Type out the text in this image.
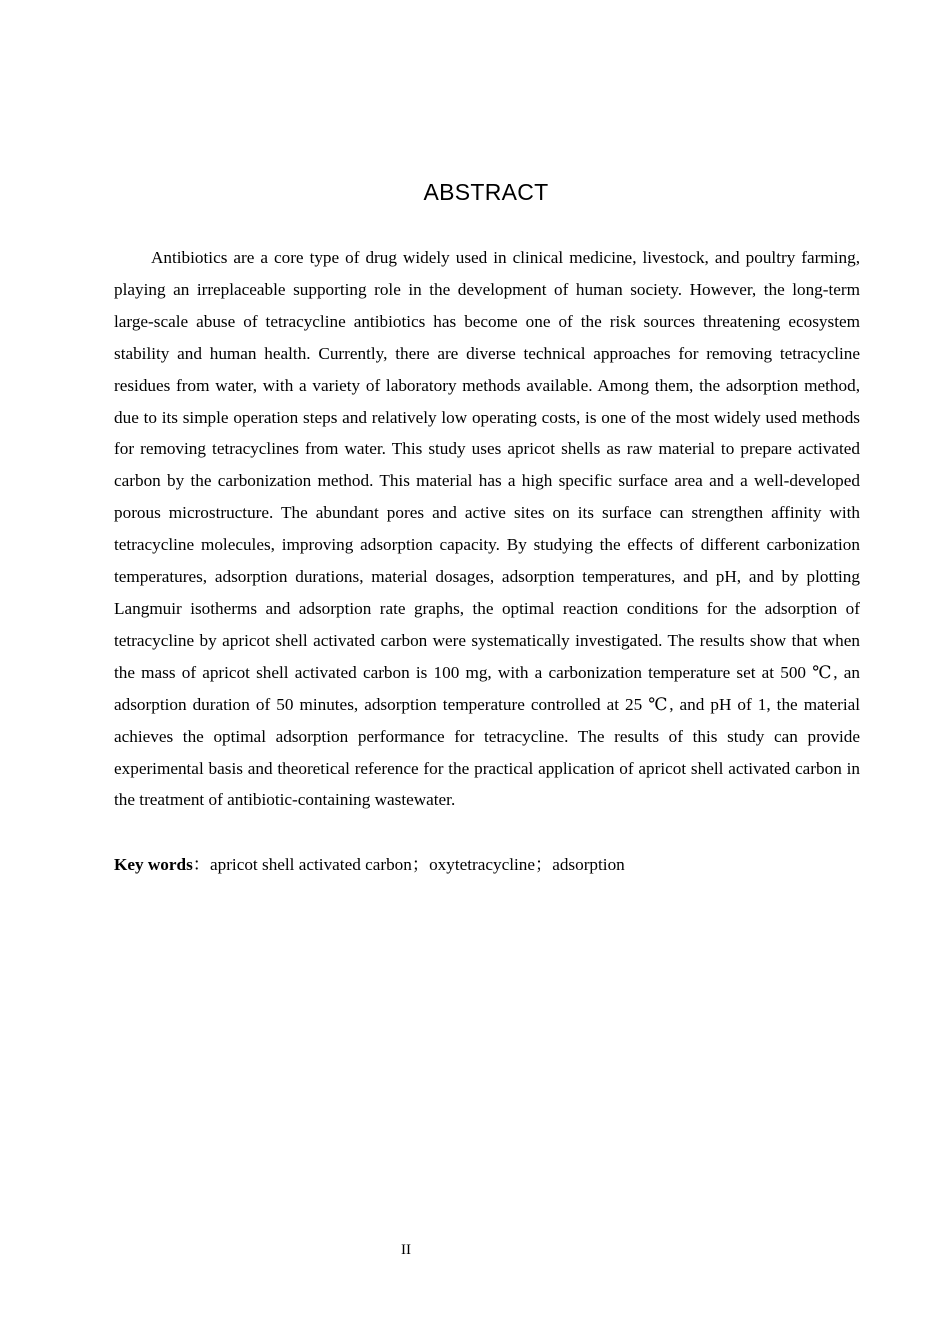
ABSTRACT

Antibiotics are a core type of drug widely used in clinical medicine, livestock, and poultry farming, playing an irreplaceable supporting role in the development of human society. However, the long-term large-scale abuse of tetracycline antibiotics has become one of the risk sources threatening ecosystem stability and human health. Currently, there are diverse technical approaches for removing tetracycline residues from water, with a variety of laboratory methods available. Among them, the adsorption method, due to its simple operation steps and relatively low operating costs, is one of the most widely used methods for removing tetracyclines from water. This study uses apricot shells as raw material to prepare activated carbon by the carbonization method. This material has a high specific surface area and a well-developed porous microstructure. The abundant pores and active sites on its surface can strengthen affinity with tetracycline molecules, improving adsorption capacity. By studying the effects of different carbonization temperatures, adsorption durations, material dosages, adsorption temperatures, and pH, and by plotting Langmuir isotherms and adsorption rate graphs, the optimal reaction conditions for the adsorption of tetracycline by apricot shell activated carbon were systematically investigated. The results show that when the mass of apricot shell activated carbon is 100 mg, with a carbonization temperature set at 500 ℃, an adsorption duration of 50 minutes, adsorption temperature controlled at 25 ℃, and pH of 1, the material achieves the optimal adsorption performance for tetracycline. The results of this study can provide experimental basis and theoretical reference for the practical application of apricot shell activated carbon in the treatment of antibiotic-containing wastewater.

Key words：apricot shell activated carbon；oxytetracycline；adsorption

II
